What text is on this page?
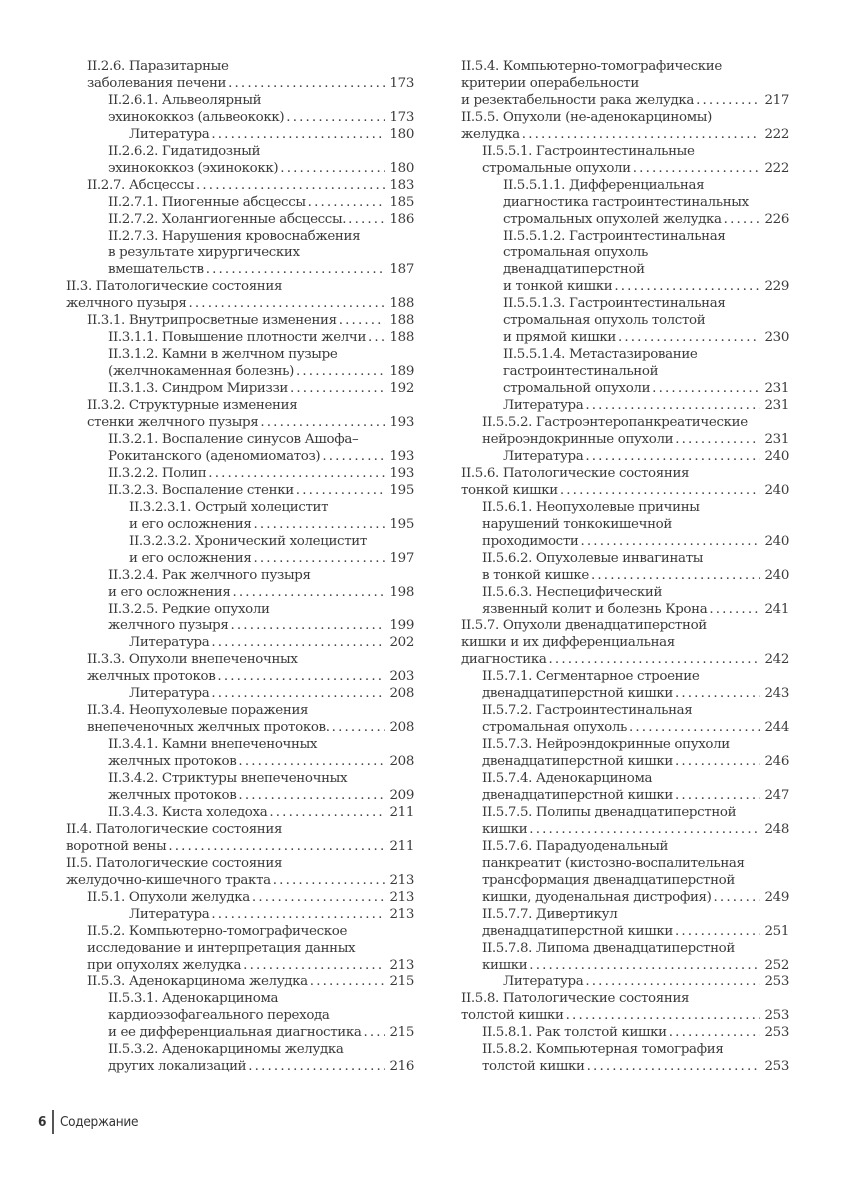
II.2.6. Паразитарные
заболевания печени . . .	173
II.2.6.1. Альвеолярный
эхинококкоз (альвеококк) . . .	173
Литература . . .	180
II.2.6.2. Гидатидозный
эхинококкоз (эхинококк) . . .	180
II.2.7. Абсцессы . . .	183
II.2.7.1. Пиогенные абсцессы . . .	185
II.2.7.2. Холангиогенные абсцессы. . . .	186
II.2.7.3. Нарушения кровоснабжения
в результате хирургических
вмешательств . . .	187
II.3. Патологические состояния
желчного пузыря . . .	188
II.3.1. Внутрипросветные изменения . . .	188
II.3.1.1. Повышение плотности желчи . . . 188
II.3.1.2. Камни в желчном пузыре
(желчнокаменная болезнь) . . .	189
II.3.1.3. Синдром Мириззи . . .	192
II.3.2. Структурные изменения
стенки желчного пузыря . . .	193
II.3.2.1. Воспаление синусов Ашофа–
Рокитанского (аденомиоматоз) . . .	193
II.3.2.2. Полип . . .	193
II.3.2.3. Воспаление стенки . . .	195
II.3.2.3.1. Острый холецистит
и его осложнения . . .	195
II.3.2.3.2. Хронический холецистит
и его осложнения . . .	197
II.3.2.4. Рак желчного пузыря
и его осложнения . . .	198
II.3.2.5. Редкие опухоли
желчного пузыря . . .	199
Литература . . .	202
II.3.3. Опухоли внепеченочных
желчных протоков . . .	203
Литература . . .	208
II.3.4. Неопухолевые поражения
внепеченочных желчных протоков. . . .	208
II.3.4.1. Камни внепеченочных
желчных протоков . . .	208
II.3.4.2. Стриктуры внепеченочных
желчных протоков . . .	209
II.3.4.3. Киста холедоха . . .	211
II.4. Патологические состояния
воротной вены . . .	211
II.5. Патологические состояния
желудочно-кишечного тракта . . .	213
II.5.1. Опухоли желудка . . .	213
Литература . . .	213
II.5.2. Компьютерно-томографическое
исследование и интерпретация данных
при опухолях желудка . . .	213
II.5.3. Аденокарцинома желудка . . .	215
II.5.3.1. Аденокарцинома
кардиоэзофагеального перехода
и ее дифференциальная диагностика . . . 215
II.5.3.2. Аденокарциномы желудка
других локализаций . . .	216
II.5.4. Компьютерно-томографические
критерии операбельности
и резектабельности рака желудка . . .	217
II.5.5. Опухоли (не-аденокарциномы)
желудка . . .	222
II.5.5.1. Гастроинтестинальные
стромальные опухоли . . .	222
II.5.5.1.1. Дифференциальная
диагностика гастроинтестинальных
стромальных опухолей желудка . . .	226
II.5.5.1.2. Гастроинтестинальная
стромальная опухоль
двенадцатиперстной
и тонкой кишки . . .	229
II.5.5.1.3. Гастроинтестинальная
стромальная опухоль толстой
и прямой кишки . . .	230
II.5.5.1.4. Метастазирование
гастроинтестинальной
стромальной опухоли . . .	231
Литература . . .	231
II.5.5.2. Гастроэнтеропанкреатические
нейроэндокринные опухоли . . .	231
Литература . . .	240
II.5.6. Патологические состояния
тонкой кишки . . .	240
II.5.6.1. Неопухолевые причины
нарушений тонкокишечной
проходимости . . .	240
II.5.6.2. Опухолевые инвагинаты
в тонкой кишке . . .	240
II.5.6.3. Неспецифический
язвенный колит и болезнь Крона . . .	241
II.5.7. Опухоли двенадцатиперстной
кишки и их дифференциальная
диагностика . . .	242
II.5.7.1. Сегментарное строение
двенадцатиперстной кишки . . .	243
II.5.7.2. Гастроинтестинальная
стромальная опухоль . . .	244
II.5.7.3. Нейроэндокринные опухоли
двенадцатиперстной кишки . . .	246
II.5.7.4. Аденокарцинома
двенадцатиперстной кишки . . .	247
II.5.7.5. Полипы двенадцатиперстной
кишки . . .	248
II.5.7.6. Парадуоденальный
панкреатит (кистозно-воспалительная
трансформация двенадцатиперстной
кишки, дуоденальная дистрофия) . . .	249
II.5.7.7. Дивертикул
двенадцатиперстной кишки . . .	251
II.5.7.8. Липома двенадцатиперстной
кишки . . .	252
Литература . . .	253
II.5.8. Патологические состояния
толстой кишки . . .	253
II.5.8.1. Рак толстой кишки . . .	253
II.5.8.2. Компьютерная томография
толстой кишки . . .	253
6 Содержание
